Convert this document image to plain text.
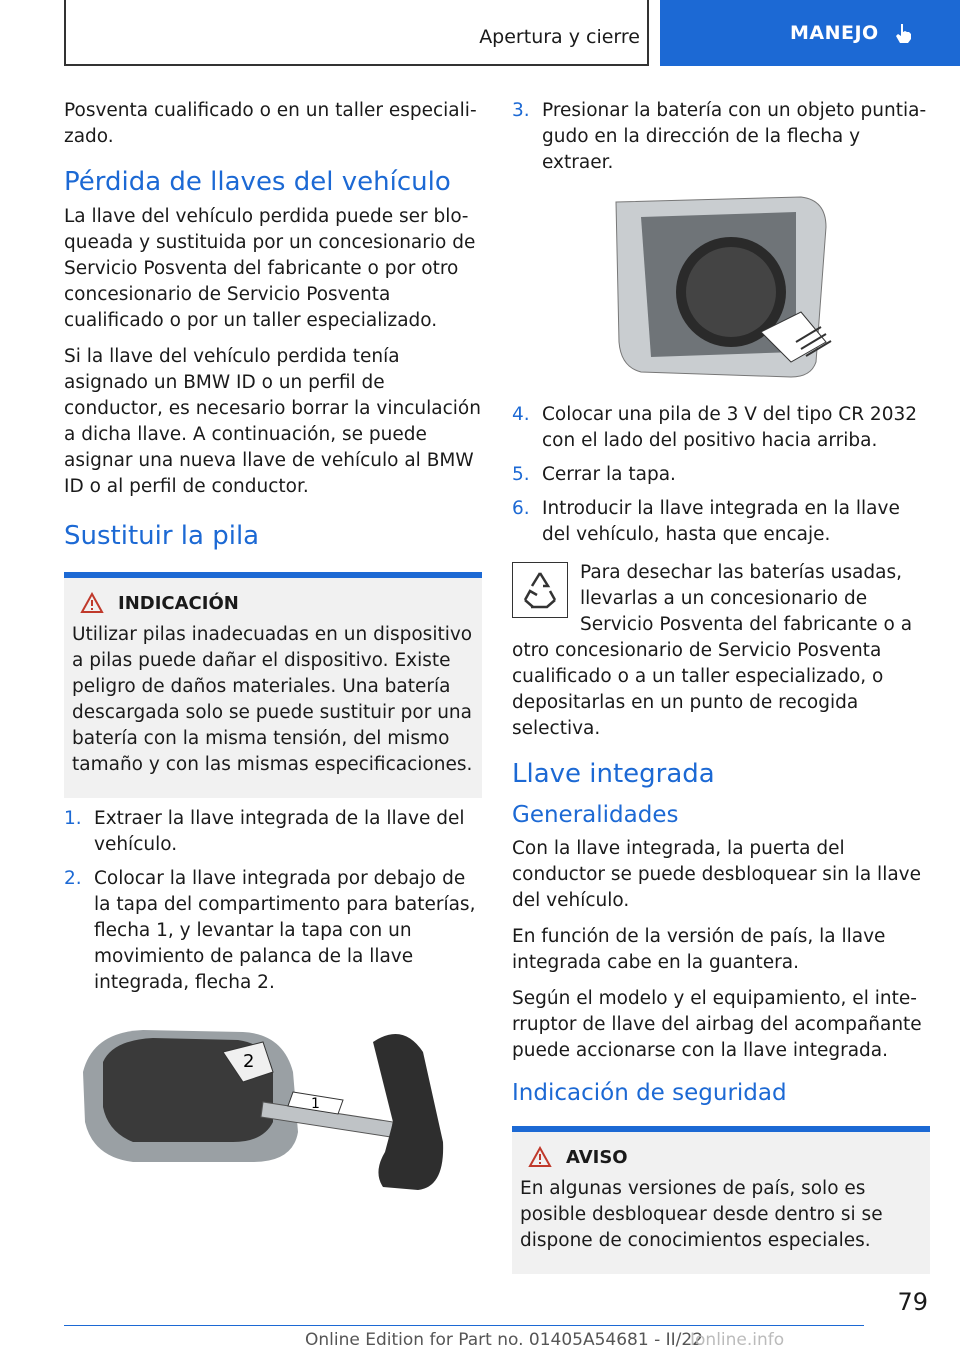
Apertura y cierre	MANEJO

Posventa cualificado o en un taller especializado.

Pérdida de llaves del vehículo

La llave del vehículo perdida puede ser bloqueada y sustituida por un concesionario de Servicio Posventa del fabricante o por otro concesionario de Servicio Posventa cualificado o por un taller especializado.

Si la llave del vehículo perdida tenía asignado un BMW ID o un perfil de conductor, es necesario borrar la vinculación a dicha llave. A continuación, se puede asignar una nueva llave de vehículo al BMW ID o al perfil de conductor.

Sustituir la pila
INDICACIÓN

Utilizar pilas inadecuadas en un dispositivo a pilas puede dañar el dispositivo. Existe peligro de daños materiales. Una batería descargada solo se puede sustituir por una batería con la misma tensión, del mismo tamaño y con las mismas especificaciones.

1. Extraer la llave integrada de la llave del vehículo.
2. Colocar la llave integrada por debajo de la tapa del compartimento para baterías, flecha 1, y levantar la tapa con un movimiento de palanca de la llave integrada, flecha 2.
2
1
3. Presionar la batería con un objeto puntiagudo en la dirección de la flecha y extraer.
4. Colocar una pila de 3 V del tipo CR 2032 con el lado del positivo hacia arriba.
5. Cerrar la tapa.
6. Introducir la llave integrada en la llave del vehículo, hasta que encaje.
Para desechar las baterías usadas, llevarlas a un concesionario de Servicio Posventa del fabricante o a otro concesionario de Servicio Posventa cualificado o a un taller especializado, o depositarlas en un punto de recogida selectiva.
Llave integrada
Generalidades

Con la llave integrada, la puerta del conductor se puede desbloquear sin la llave del vehículo.

En función de la versión de país, la llave integrada cabe en la guantera.

Según el modelo y el equipamiento, el interruptor de llave del airbag del acompañante puede accionarse con la llave integrada.

Indicación de seguridad
AVISO

En algunas versiones de país, solo es posible desbloquear desde dentro si se dispone de conocimientos especiales.

79
Online Edition for Part no. 01405A54681 - II/22
Ionline.info
